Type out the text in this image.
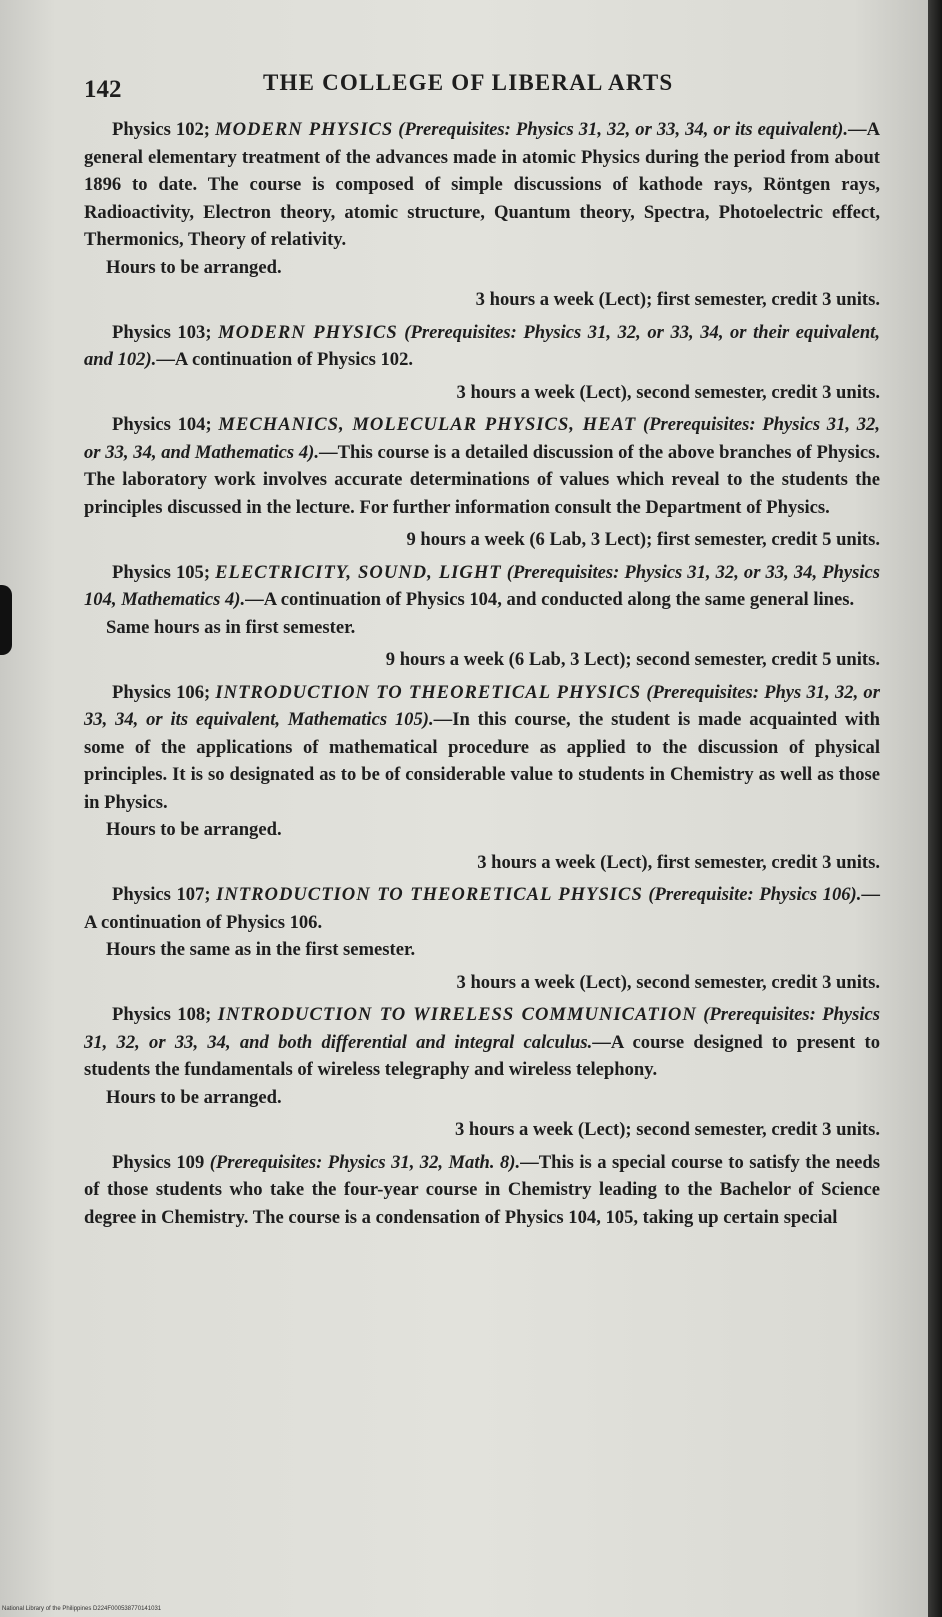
142	THE COLLEGE OF LIBERAL ARTS

Physics 102; MODERN PHYSICS (Prerequisites: Physics 31, 32, or 33, 34, or its equivalent).—A general elementary treatment of the advances made in atomic Physics during the period from about 1896 to date. The course is composed of simple discussions of kathode rays, Röntgen rays, Radioactivity, Electron theory, atomic structure, Quantum theory, Spectra, Photoelectric effect, Thermonics, Theory of relativity.

Hours to be arranged.

3 hours a week (Lect); first semester, credit 3 units.

Physics 103; MODERN PHYSICS (Prerequisites: Physics 31, 32, or 33, 34, or their equivalent, and 102).—A continuation of Physics 102.

3 hours a week (Lect), second semester, credit 3 units.

Physics 104; MECHANICS, MOLECULAR PHYSICS, HEAT (Prerequisites: Physics 31, 32, or 33, 34, and Mathematics 4).—This course is a detailed discussion of the above branches of Physics. The laboratory work involves accurate determinations of values which reveal to the students the principles discussed in the lecture. For further information consult the Department of Physics.

9 hours a week (6 Lab, 3 Lect); first semester, credit 5 units.

Physics 105; ELECTRICITY, SOUND, LIGHT (Prerequisites: Physics 31, 32, or 33, 34, Physics 104, Mathematics 4).—A continuation of Physics 104, and conducted along the same general lines.

Same hours as in first semester.

9 hours a week (6 Lab, 3 Lect); second semester, credit 5 units.

Physics 106; INTRODUCTION TO THEORETICAL PHYSICS (Prerequisites: Phys 31, 32, or 33, 34, or its equivalent, Mathematics 105).—In this course, the student is made acquainted with some of the applications of mathematical procedure as applied to the discussion of physical principles. It is so designated as to be of considerable value to students in Chemistry as well as those in Physics.

Hours to be arranged.

3 hours a week (Lect), first semester, credit 3 units.

Physics 107; INTRODUCTION TO THEORETICAL PHYSICS (Prerequisite: Physics 106).—A continuation of Physics 106.

Hours the same as in the first semester.

3 hours a week (Lect), second semester, credit 3 units.

Physics 108; INTRODUCTION TO WIRELESS COMMUNICATION (Prerequisites: Physics 31, 32, or 33, 34, and both differential and integral calculus.—A course designed to present to students the fundamentals of wireless telegraphy and wireless telephony.

Hours to be arranged.

3 hours a week (Lect); second semester, credit 3 units.

Physics 109 (Prerequisites: Physics 31, 32, Math. 8).—This is a special course to satisfy the needs of those students who take the four-year course in Chemistry leading to the Bachelor of Science degree in Chemistry. The course is a condensation of Physics 104, 105, taking up certain special

National Library of the Philippines D224F000538770141031
